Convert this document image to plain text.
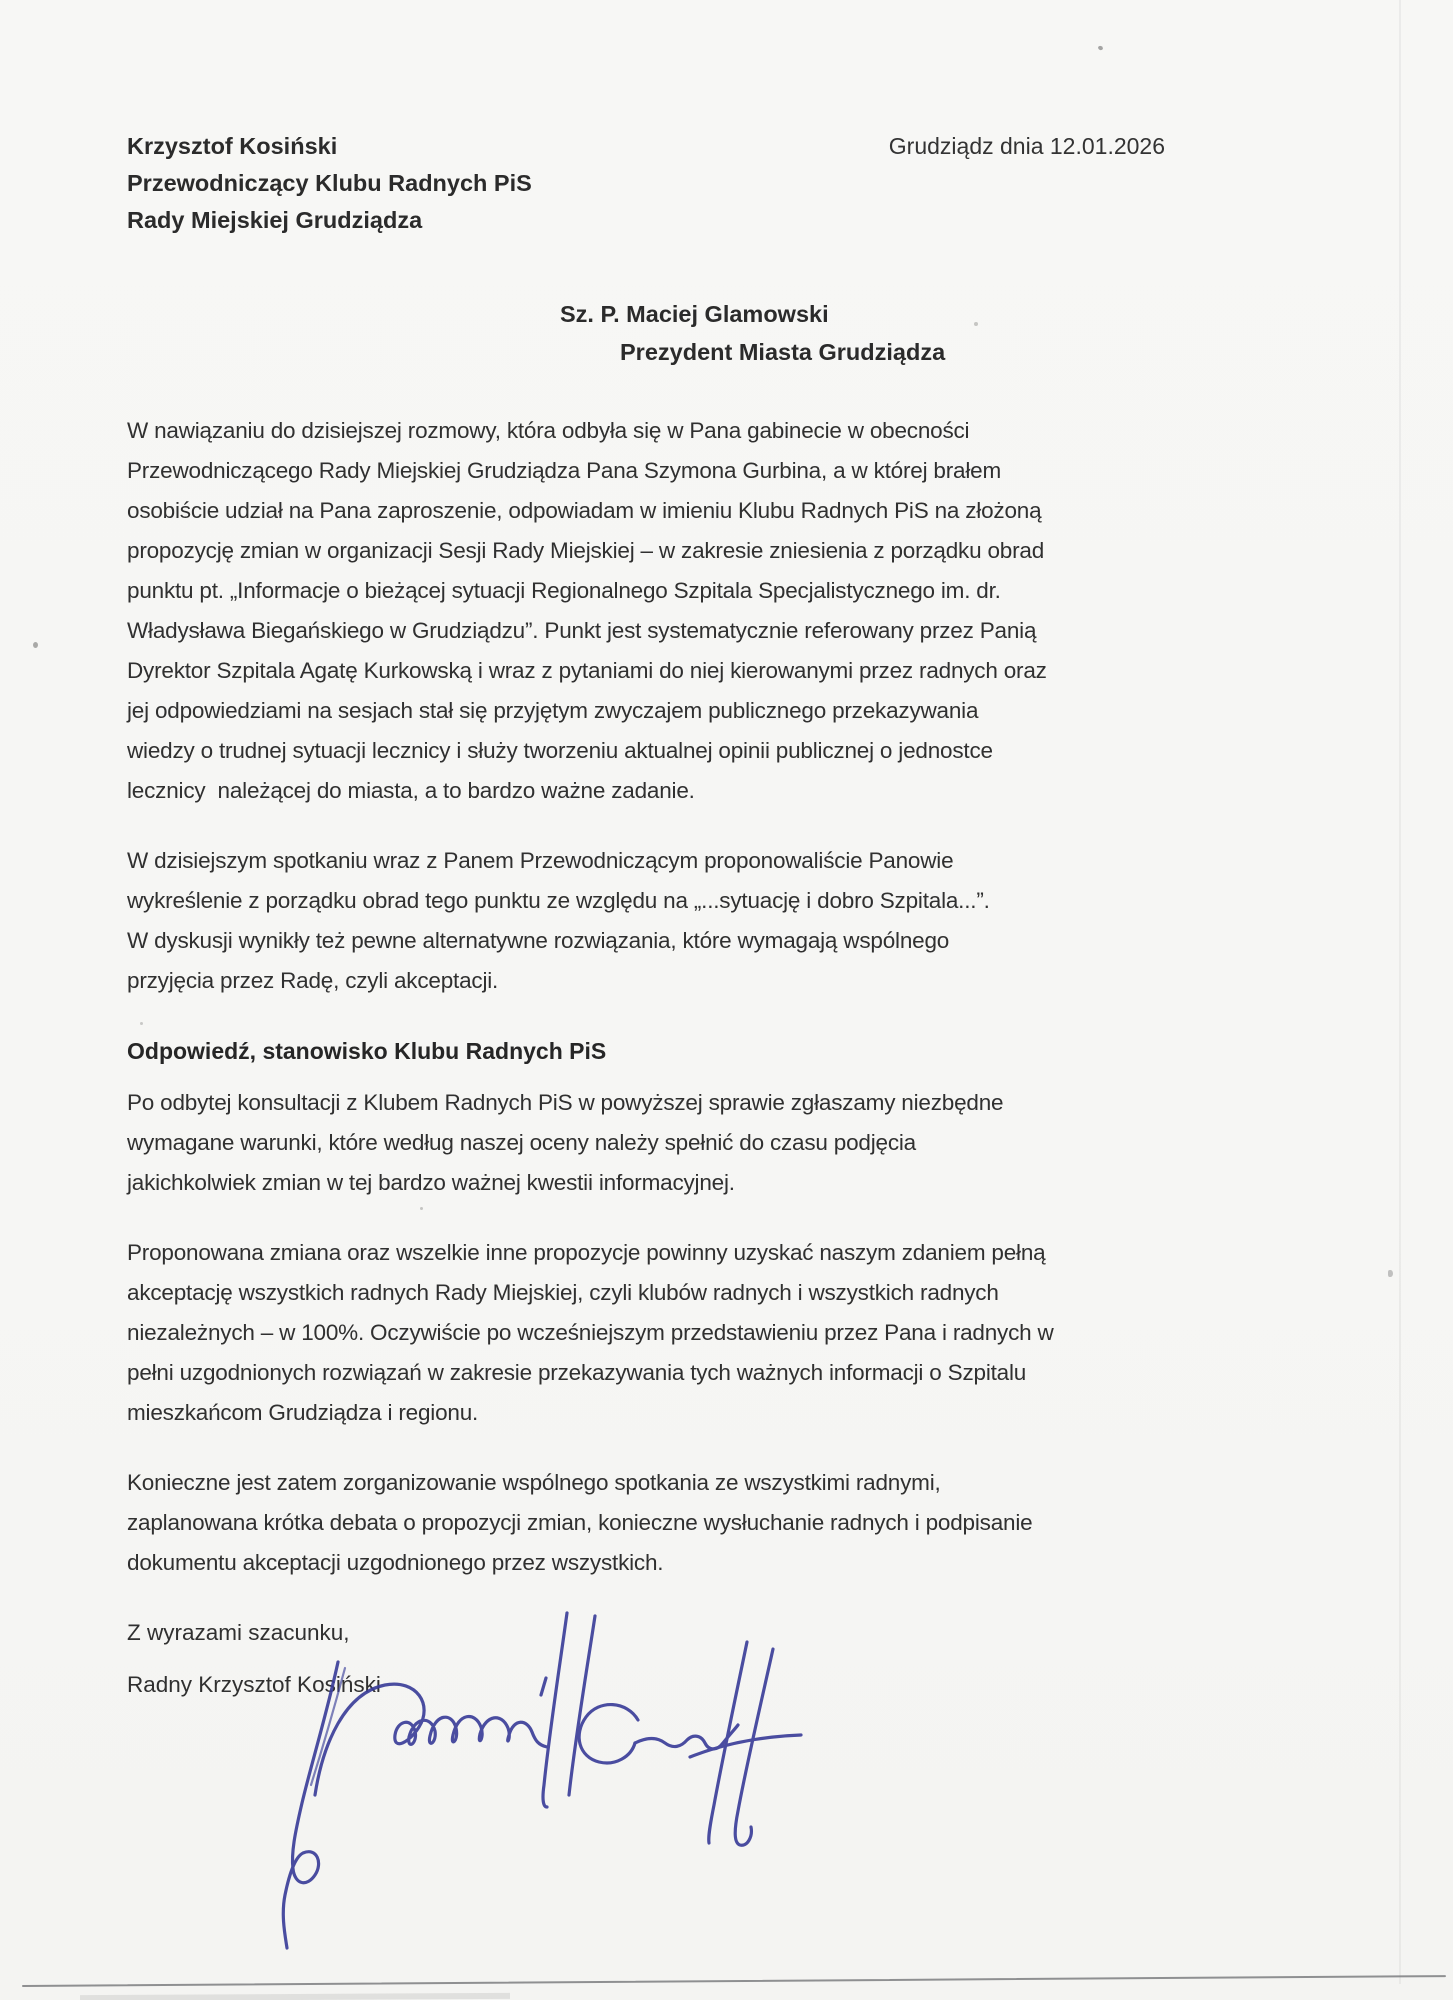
Krzysztof Kosiński
Przewodniczący Klubu Radnych PiS
Rady Miejskiej Grudziądza
Grudziądz dnia 12.01.2026
Sz. P. Maciej Glamowski
Prezydent Miasta Grudziądza
W nawiązaniu do dzisiejszej rozmowy, która odbyła się w Pana gabinecie w obecności
Przewodniczącego Rady Miejskiej Grudziądza Pana Szymona Gurbina, a w której brałem
osobiście udział na Pana zaproszenie, odpowiadam w imieniu Klubu Radnych PiS na złożoną
propozycję zmian w organizacji Sesji Rady Miejskiej – w zakresie zniesienia z porządku obrad
punktu pt. „Informacje o bieżącej sytuacji Regionalnego Szpitala Specjalistycznego im. dr.
Władysława Biegańskiego w Grudziądzu”. Punkt jest systematycznie referowany przez Panią
Dyrektor Szpitala Agatę Kurkowską i wraz z pytaniami do niej kierowanymi przez radnych oraz
jej odpowiedziami na sesjach stał się przyjętym zwyczajem publicznego przekazywania
wiedzy o trudnej sytuacji lecznicy i służy tworzeniu aktualnej opinii publicznej o jednostce
lecznicy  należącej do miasta, a to bardzo ważne zadanie.
W dzisiejszym spotkaniu wraz z Panem Przewodniczącym proponowaliście Panowie
wykreślenie z porządku obrad tego punktu ze względu na „...sytuację i dobro Szpitala...”.
W dyskusji wynikły też pewne alternatywne rozwiązania, które wymagają wspólnego
przyjęcia przez Radę, czyli akceptacji.
Odpowiedź, stanowisko Klubu Radnych PiS
Po odbytej konsultacji z Klubem Radnych PiS w powyższej sprawie zgłaszamy niezbędne
wymagane warunki, które według naszej oceny należy spełnić do czasu podjęcia
jakichkolwiek zmian w tej bardzo ważnej kwestii informacyjnej.
Proponowana zmiana oraz wszelkie inne propozycje powinny uzyskać naszym zdaniem pełną
akceptację wszystkich radnych Rady Miejskiej, czyli klubów radnych i wszystkich radnych
niezależnych – w 100%. Oczywiście po wcześniejszym przedstawieniu przez Pana i radnych w
pełni uzgodnionych rozwiązań w zakresie przekazywania tych ważnych informacji o Szpitalu
mieszkańcom Grudziądza i regionu.
Konieczne jest zatem zorganizowanie wspólnego spotkania ze wszystkimi radnymi,
zaplanowana krótka debata o propozycji zmian, konieczne wysłuchanie radnych i podpisanie
dokumentu akceptacji uzgodnionego przez wszystkich.
Z wyrazami szacunku,
Radny Krzysztof Kosiński
